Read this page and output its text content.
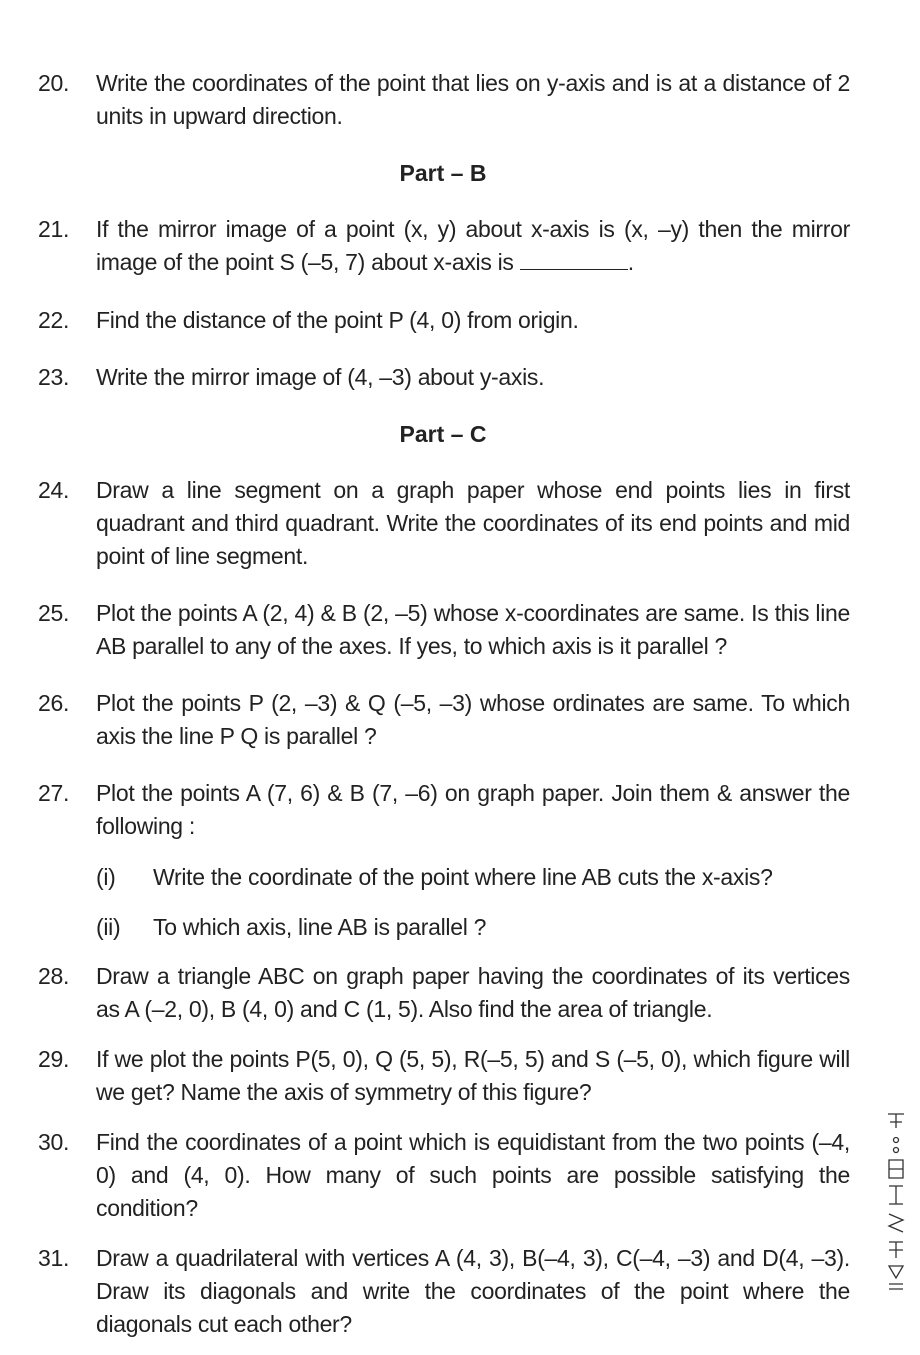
20.	Write the coordinates of the point that lies on y-axis and is at a distance of 2 units in upward direction.
Part – B
21.	If the mirror image of a point (x, y) about x-axis is (x, –y) then the mirror image of the point S (–5, 7) about x-axis is	.
22.	Find the distance of the point P (4, 0) from origin.
23.	Write the mirror image of (4, –3) about y-axis.
Part – C
24.	Draw a line segment on a graph paper whose end points lies in first quadrant and third quadrant. Write the coordinates of its end points and mid point of line segment.
25.	Plot the points A (2, 4) & B (2, –5) whose x-coordinates are same. Is this line AB parallel to any of the axes. If yes, to which axis is it parallel ?
26.	Plot the points P (2, –3) & Q (–5, –3) whose ordinates are same. To which axis the line P Q is parallel ?
27.	Plot the points A (7, 6) & B (7, –6) on graph paper. Join them & answer the following :
(i) Write the coordinate of the point where line AB cuts the x-axis?
(ii) To which axis, line AB is parallel ?
28.	Draw a triangle ABC on graph paper having the coordinates of its vertices as A (–2, 0), B (4, 0) and C (1, 5). Also find the area of triangle.
29.	If we plot the points P(5, 0), Q (5, 5), R(–5, 5) and S (–5, 0), which figure will we get? Name the axis of symmetry of this figure?
30.	Find the coordinates of a point which is equidistant from the two points (–4, 0) and (4, 0). How many of such points are possible satisfying the condition?
31.	Draw a quadrilateral with vertices A (4, 3), B(–4, 3), C(–4, –3) and D(4, –3). Draw its diagonals and write the coordinates of the point where the diagonals cut each other?
